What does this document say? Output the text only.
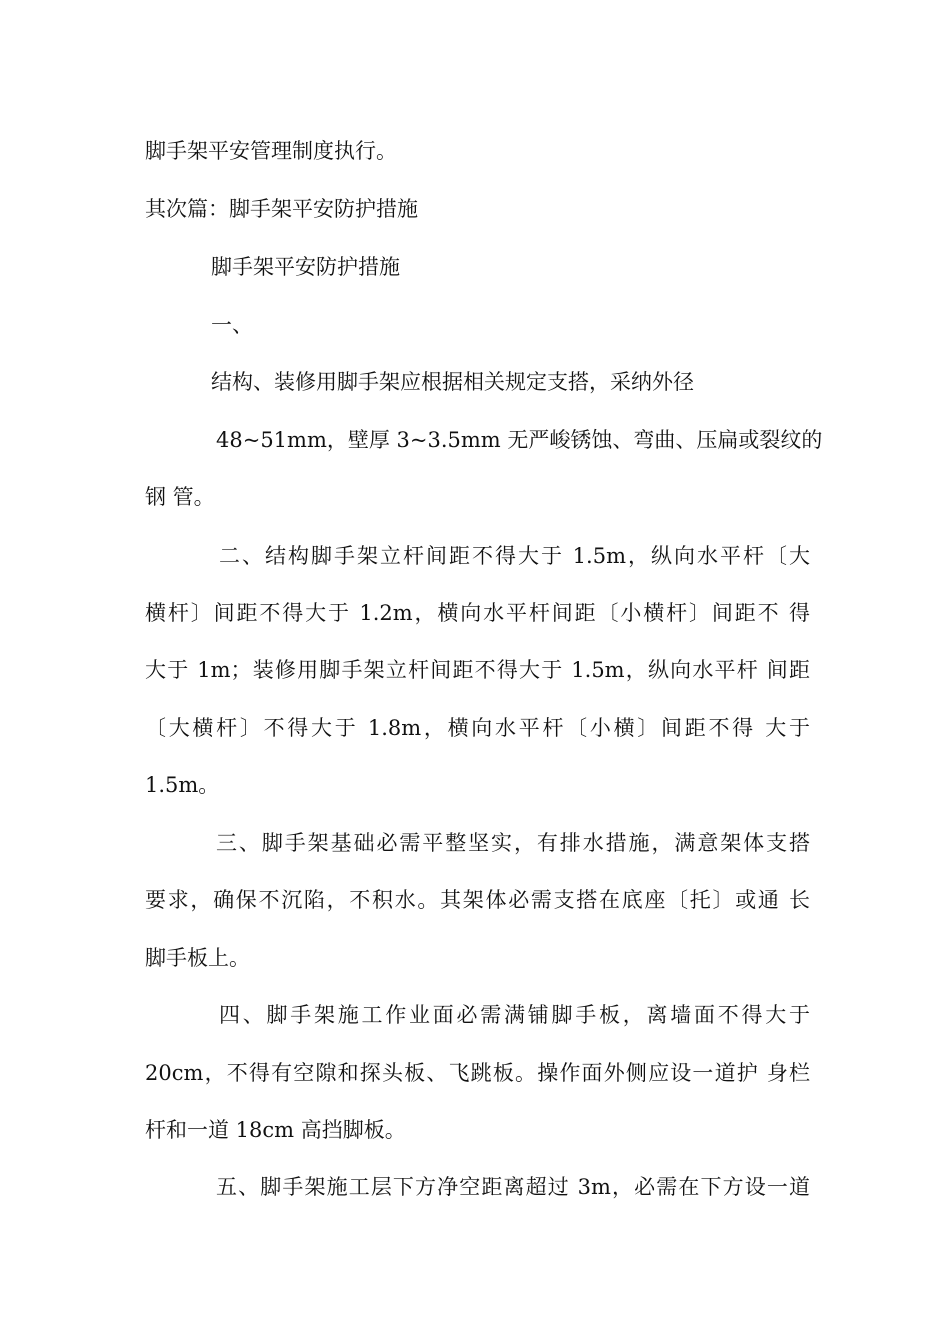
脚手架平安管理制度执行。
其次篇：脚手架平安防护措施
脚手架平安防护措施
一、
结构、装修用脚手架应根据相关规定支搭，采纳外径
48~51mm，壁厚 3~3.5mm 无严峻锈蚀、弯曲、压扁或裂纹的
钢 管。
二、结构脚手架立杆间距不得大于 1.5m，纵向水平杆〔大
横杆〕间距不得大于 1.2m，横向水平杆间距〔小横杆〕间距不 得
大于 1m；装修用脚手架立杆间距不得大于 1.5m，纵向水平杆 间距
〔大横杆〕不得大于 1.8m，横向水平杆〔小横〕间距不得 大于
1.5m。
三、脚手架基础必需平整坚实，有排水措施，满意架体支搭
要求，确保不沉陷，不积水。其架体必需支搭在底座〔托〕或通 长
脚手板上。
四、脚手架施工作业面必需满铺脚手板，离墙面不得大于
20cm，不得有空隙和探头板、飞跳板。操作面外侧应设一道护 身栏
杆和一道 18cm 高挡脚板。
五、脚手架施工层下方净空距离超过 3m，必需在下方设一道
